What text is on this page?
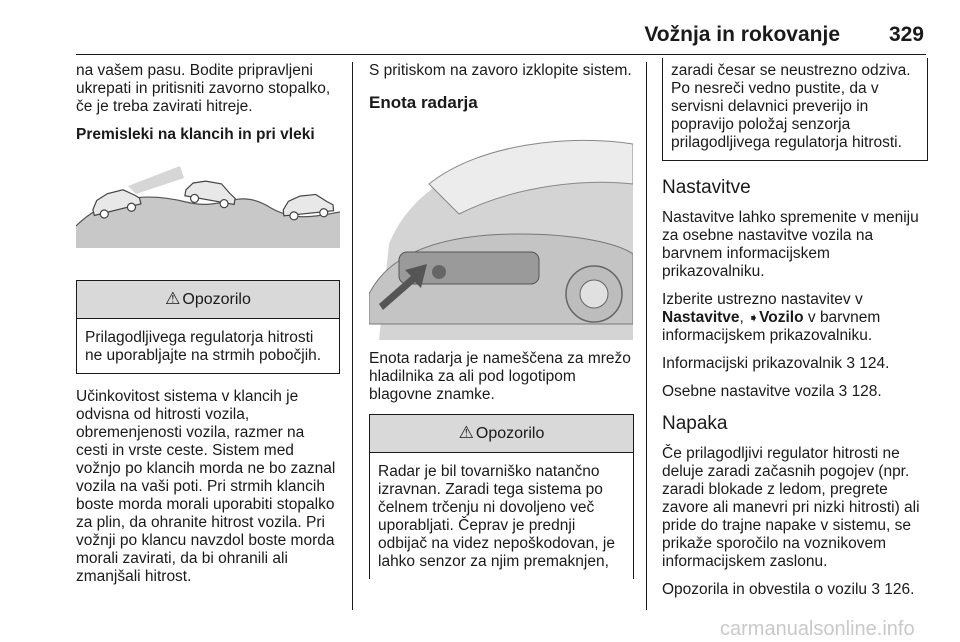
Vožnja in rokovanje 329

na vašem pasu. Bodite pripravljeni ukrepati in pritisniti zavorno stopalko, če je treba zavirati hitreje.

Premisleki na klancih in pri vleki
⚠ Opozorilo
Prilagodljivega regulatorja hitrosti ne uporabljajte na strmih pobočjih.

Učinkovitost sistema v klancih je odvisna od hitrosti vozila, obremenjenosti vozila, razmer na cesti in vrste ceste. Sistem med vožnjo po klancih morda ne bo zaznal vozila na vaši poti. Pri strmih klancih boste morda morali uporabiti stopalko za plin, da ohranite hitrost vozila. Pri vožnji po klancu navzdol boste morda morali zavirati, da bi ohranili ali zmanjšali hitrost.

S pritiskom na zavoro izklopite sistem.

Enota radarja

Enota radarja je nameščena za mrežo hladilnika za ali pod logotipom blagovne znamke.

⚠ Opozorilo
Radar je bil tovarniško natančno izravnan. Zaradi tega sistema po čelnem trčenju ni dovoljeno več uporabljati. Čeprav je prednji odbijač na videz nepoškodovan, je lahko senzor za njim premaknjen,
zaradi česar se neustrezno odziva. Po nesreči vedno pustite, da v servisni delavnici preverijo in popravijo položaj senzorja prilagodljivega regulatorja hitrosti.
Nastavitve

Nastavitve lahko spremenite v meniju za osebne nastavitve vozila na barvnem informacijskem prikazovalniku.

Izberite ustrezno nastavitev v Nastavitve, ➧Vozilo v barvnem informacijskem prikazovalniku.

Informacijski prikazovalnik 3 124.

Osebne nastavitve vozila 3 128.

Napaka

Če prilagodljivi regulator hitrosti ne deluje zaradi začasnih pogojev (npr. zaradi blokade z ledom, pregrete zavore ali manevri pri nizki hitrosti) ali pride do trajne napake v sistemu, se prikaže sporočilo na voznikovem informacijskem zaslonu.

Opozorila in obvestila o vozilu 3 126.

carmanualsonline.info
